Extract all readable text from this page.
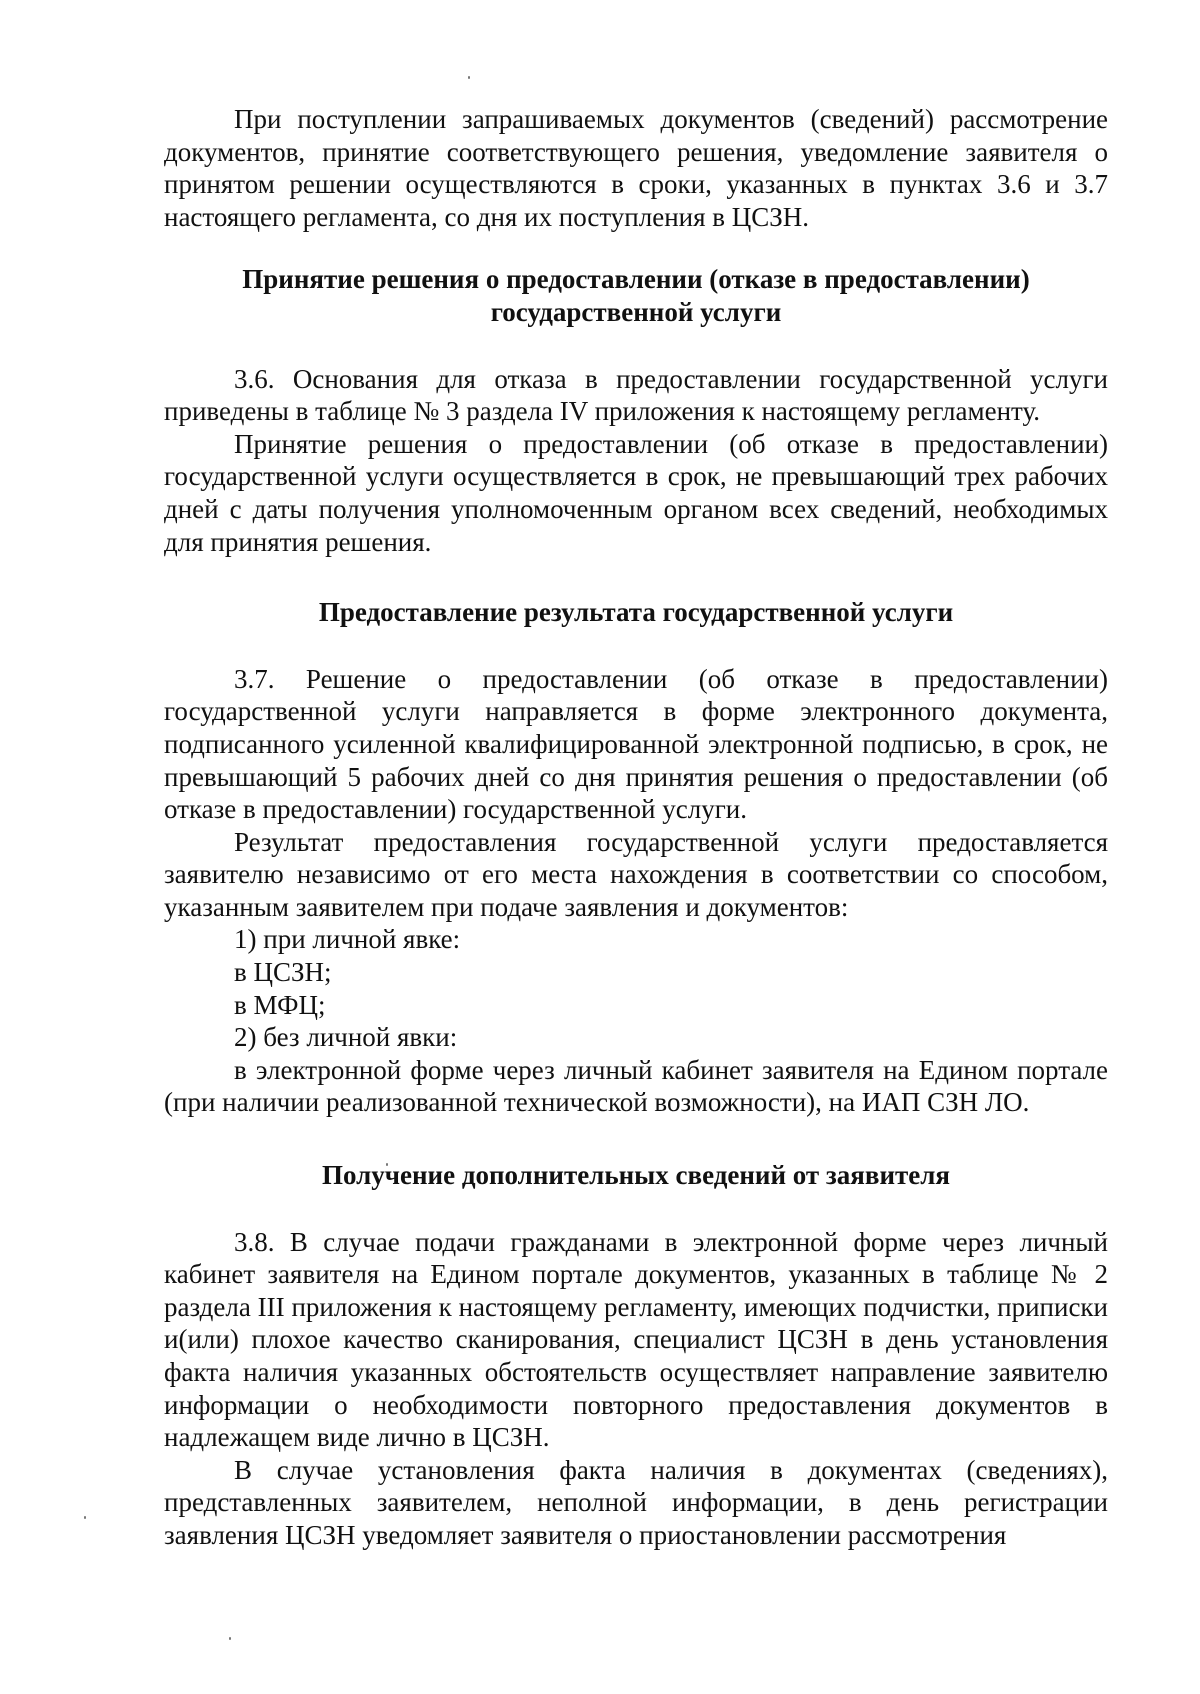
При поступлении запрашиваемых документов (сведений) рассмотрение документов, принятие соответствующего решения, уведомление заявителя о принятом решении осуществляются в сроки, указанных в пунктах 3.6 и 3.7 настоящего регламента, со дня их поступления в ЦСЗН.

Принятие решения о предоставлении (отказе в предоставлении)
государственной услуги

3.6. Основания для отказа в предоставлении государственной услуги приведены в таблице № 3 раздела IV приложения к настоящему регламенту.

Принятие решения о предоставлении (об отказе в предоставлении) государственной услуги осуществляется в срок, не превышающий трех рабочих дней с даты получения уполномоченным органом всех сведений, необходимых для принятия решения.

Предоставление результата государственной услуги

3.7. Решение о предоставлении (об отказе в предоставлении) государственной услуги направляется в форме электронного документа, подписанного усиленной квалифицированной электронной подписью, в срок, не превышающий 5 рабочих дней со дня принятия решения о предоставлении (об отказе в предоставлении) государственной услуги.

Результат предоставления государственной услуги предоставляется заявителю независимо от его места нахождения в соответствии со способом, указанным заявителем при подаче заявления и документов:

1) при личной явке:

в ЦСЗН;

в МФЦ;

2) без личной явки:

в электронной форме через личный кабинет заявителя на Едином портале (при наличии реализованной технической возможности), на ИАП СЗН ЛО.

Получение дополнительных сведений от заявителя

3.8. В случае подачи гражданами в электронной форме через личный кабинет заявителя на Едином портале документов, указанных в таблице № 2 раздела III приложения к настоящему регламенту, имеющих подчистки, приписки и(или) плохое качество сканирования, специалист ЦСЗН в день установления факта наличия указанных обстоятельств осуществляет направление заявителю информации о необходимости повторного предоставления документов в надлежащем виде лично в ЦСЗН.

В случае установления факта наличия в документах (сведениях), представленных заявителем, неполной информации, в день регистрации заявления ЦСЗН уведомляет заявителя о приостановлении рассмотрения
